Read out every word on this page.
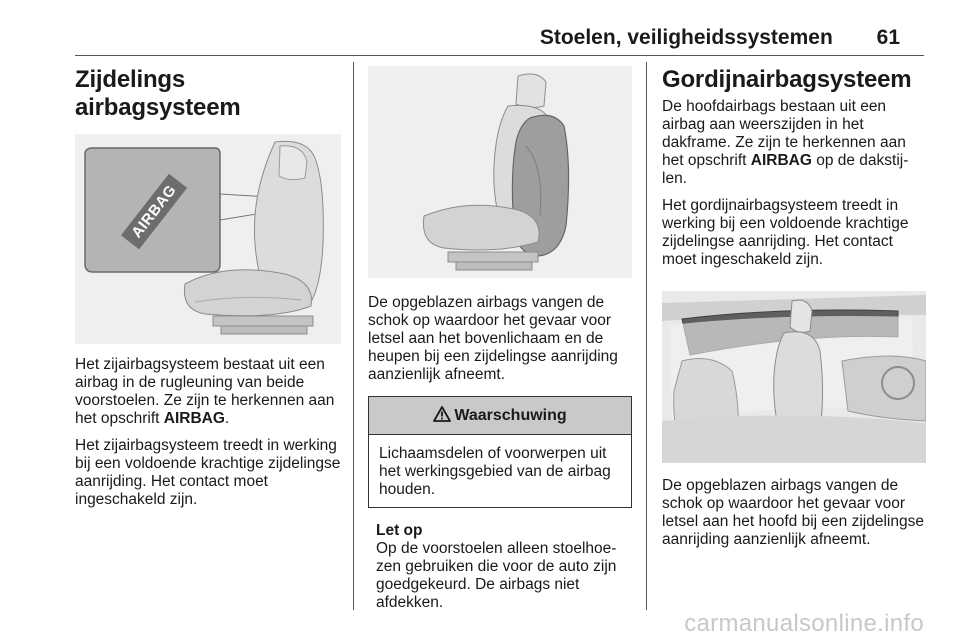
Stoelen, veiligheidssystemen 61
Zijdelings airbagsysteem
AIRBAG

Het zijairbagsysteem bestaat uit een airbag in de rugleuning van beide voorstoelen. Ze zijn te herkennen aan het opschrift AIRBAG.

Het zijairbagsysteem treedt in werking bij een voldoende krachtige zijdelingse aanrijding. Het contact moet ingeschakeld zijn.

De opgeblazen airbags vangen de schok op waardoor het gevaar voor letsel aan het bovenlichaam en de heupen bij een zijdelingse aanrijding aanzienlijk afneemt.

Waarschuwing

Lichaamsdelen of voorwerpen uit het werkingsgebied van de airbag houden.

Let op

Op de voorstoelen alleen stoelhoezen gebruiken die voor de auto zijn goedgekeurd. De airbags niet afdekken.

Gordijnairbagsysteem

De hoofdairbags bestaan uit een airbag aan weerszijden in het dakframe. Ze zijn te herkennen aan het opschrift AIRBAG op de dakstijlen.

Het gordijnairbagsysteem treedt in werking bij een voldoende krachtige zijdelingse aanrijding. Het contact moet ingeschakeld zijn.

De opgeblazen airbags vangen de schok op waardoor het gevaar voor letsel aan het hoofd bij een zijdelingse aanrijding aanzienlijk afneemt.

carmanualsonline.info
